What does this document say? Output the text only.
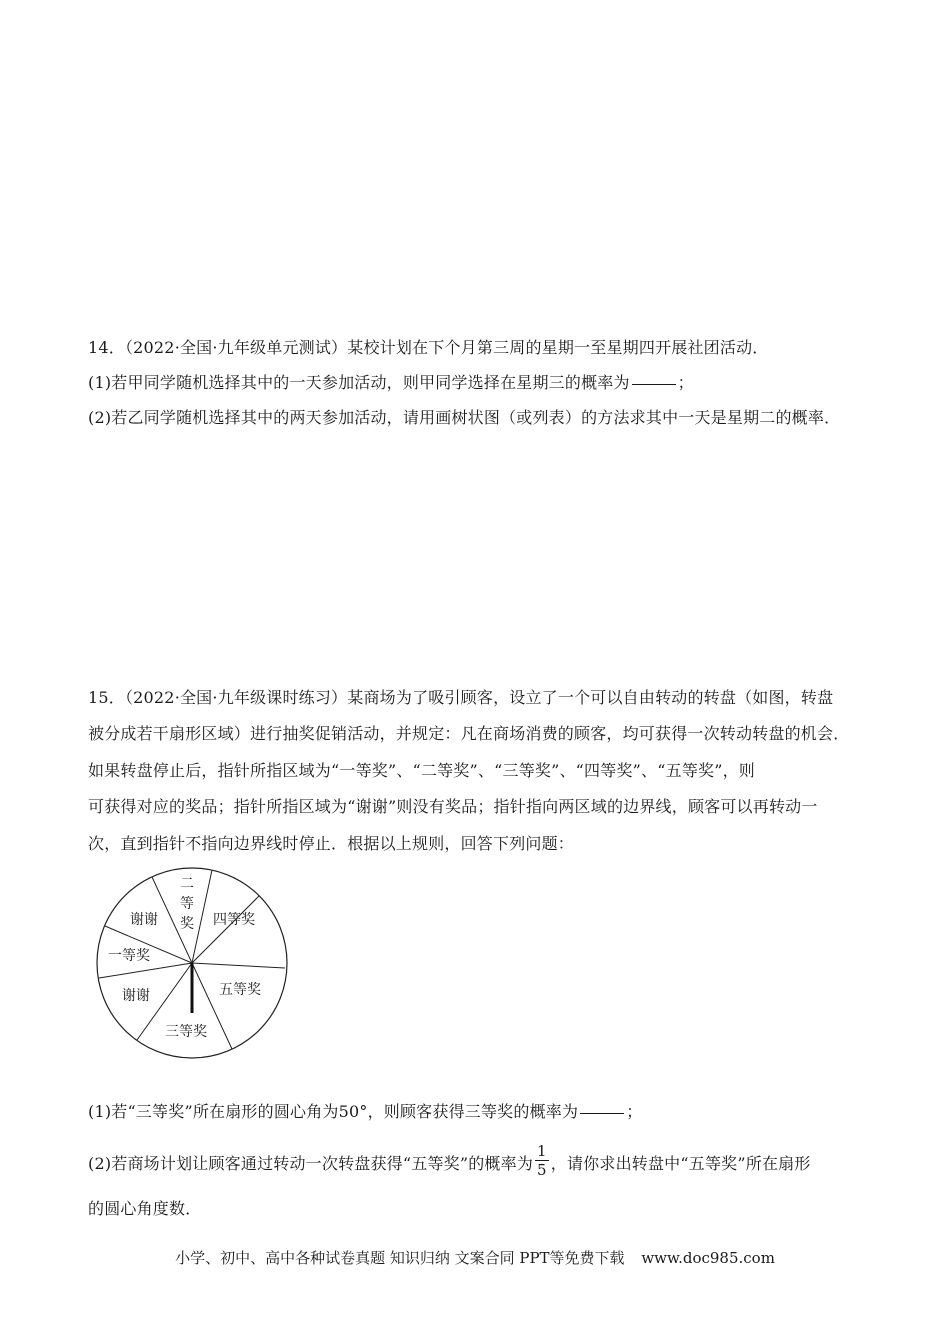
14．（2022·全国·九年级单元测试）某校计划在下个月第三周的星期一至星期四开展社团活动．
(1)若甲同学随机选择其中的一天参加活动，则甲同学选择在星期三的概率为	；
(2)若乙同学随机选择其中的两天参加活动，请用画树状图（或列表）的方法求其中一天是星期二的概率．
15．（2022·全国·九年级课时练习）某商场为了吸引顾客，设立了一个可以自由转动的转盘（如图，转盘
被分成若干扇形区域）进行抽奖促销活动，并规定：凡在商场消费的顾客，均可获得一次转动转盘的机会．
如果转盘停止后，指针所指区域为“一等奖”、“二等奖”、“三等奖”、“四等奖”、“五等奖”，则
可获得对应的奖品；指针所指区域为“谢谢”则没有奖品；指针指向两区域的边界线，顾客可以再转动一
次，直到指针不指向边界线时停止．根据以上规则，回答下列问题：
谢谢
二
等
奖 四等奖
一等奖
五等奖
谢谢
三等奖
(1)若“三等奖”所在扇形的圆心角为50°，则顾客获得三等奖的概率为	；
(2)若商场计划让顾客通过转动一次转盘获得“五等奖”的概率为 $\frac{1}{5}$ ，请你求出转盘中“五等奖”所在扇形
的圆心角度数．
小学、初中、高中各种试卷真题 知识归纳 文案合同 PPT等免费下载 www.doc985.com
